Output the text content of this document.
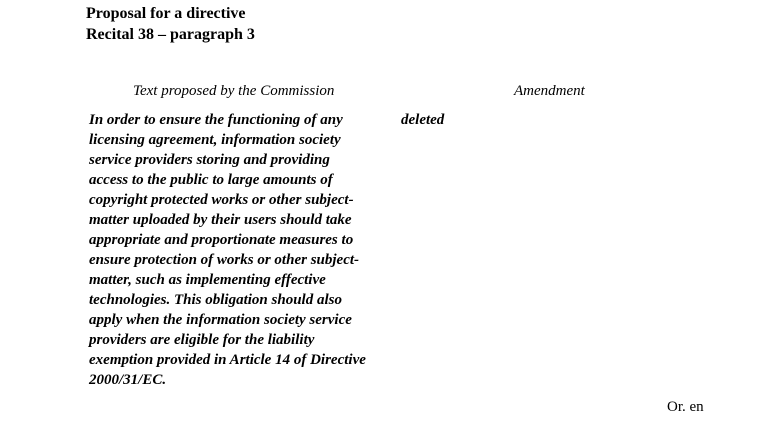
Proposal for a directive
Recital 38 – paragraph 3
Text proposed by the Commission	Amendment
In order to ensure the functioning of any
licensing agreement, information society
service providers storing and providing
access to the public to large amounts of
copyright protected works or other subject-
matter uploaded by their users should take
appropriate and proportionate measures to
ensure protection of works or other subject-
matter, such as implementing effective
technologies. This obligation should also
apply when the information society service
providers are eligible for the liability
exemption provided in Article 14 of Directive
2000/31/EC.
deleted
Or. en
